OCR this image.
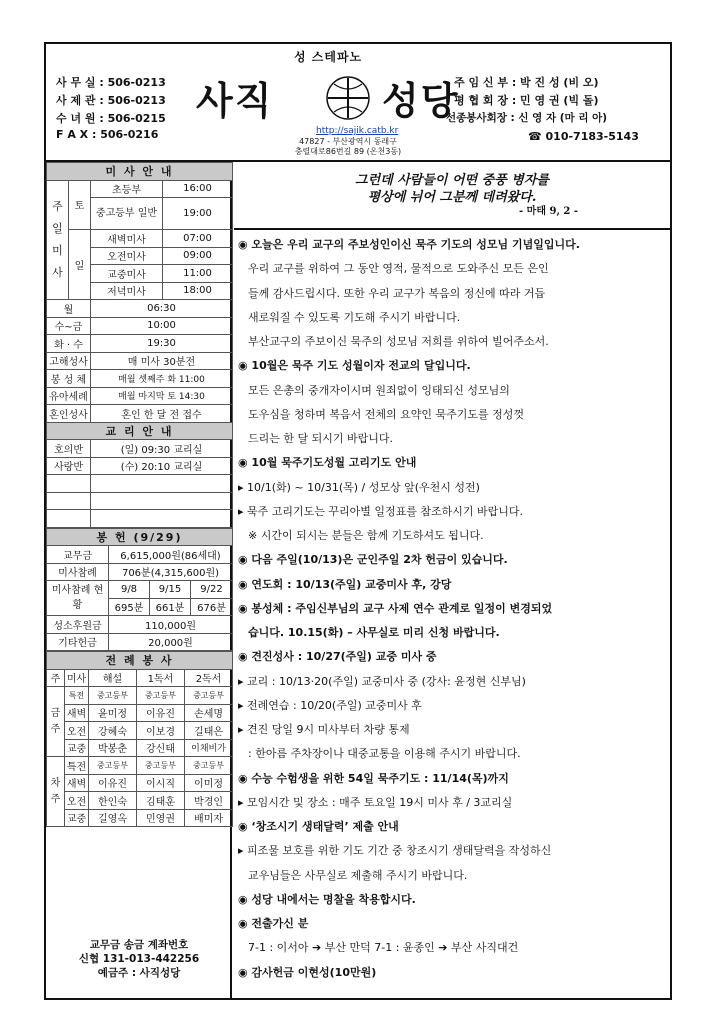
성 스테파노
사 무 실 : 506-0213
사 제 관 : 506-0213
수 녀 원 : 506-0215
F A X : 506-0216
사직	성당
http://sajik.catb.kr
47827 - 부산광역시 동래구
충렬대로86번길 89 (온천3동)
주 임 신 부 : 박 진 성 (비 오)
평 협 회 장 : 민 영 권 (빅 돌)
선종봉사회장 : 신 영 자 (마 리 아)
☎ 010-7183-5143
미 사 안 내			
주일미사	토	초등부	16:00
		중고등부 일반	19:00
	일	새벽미사	07:00
		오전미사	09:00
		교중미사	11:00
		저녁미사	18:00
월		06:30	
수~금		10:00	
화 · 수		19:30	
고해성사		매 미사 30분전	
봉 성 체		매월 셋째주 화 11:00	
유아세례		매월 마지막 토 14:30	
혼인성사		혼인 한 달 전 접수	
교 리 안 내			
호의반		(일) 09:30 교리실	
사랑반		(수) 20:10 교리실	

봉 헌 (9/29)			
교무금	6,615,000원(86세대)		
미사참례	706분(4,315,600원)		
미사참례 현황	9/8	9/15	9/22
	695분	661분	676분
성소후원금	110,000원		
기타헌금	20,000원		
전 례 봉 사				
주	미사	해설	1독서	2독서
금주	특전	중고등부	중고등부	중고등부
	새벽	윤미정	이유진	손세명
	오전	강혜숙	이보경	길태은
	교중	박봉춘	강신태	이채비가
차주	특전	중고등부	중고등부	중고등부
	새벽	이유진	이시직	이미정
	오전	한인숙	김태훈	박경인
	교중	길영옥	민영권	배미자
교무금 송금 계좌번호
신협 131-013-442256
예금주 : 사직성당
그런데 사람들이 어떤 중풍 병자를
평상에 뉘어 그분께 데려왔다.
- 마태 9, 2 -
◉ 오늘은 우리 교구의 주보성인이신 묵주 기도의 성모님 기념일입니다.
우리 교구를 위하여 그 동안 영적, 물적으로 도와주신 모든 은인
들께 감사드립시다. 또한 우리 교구가 복음의 정신에 따라 거듭
새로워질 수 있도록 기도해 주시기 바랍니다.
부산교구의 주보이신 묵주의 성모님 저희를 위하여 빌어주소서.
◉ 10월은 묵주 기도 성월이자 전교의 달입니다.
모든 은총의 중개자이시며 원죄없이 잉태되신 성모님의
도우심을 청하며 복음서 전체의 요약인 묵주기도를 정성껏
드리는 한 달 되시기 바랍니다.
◉ 10월 묵주기도성월 고리기도 안내
▸ 10/1(화) ~ 10/31(목) / 성모상 앞(우천시 성전)
▸ 묵주 고리기도는 꾸리아별 일정표를 참조하시기 바랍니다.
※ 시간이 되시는 분들은 함께 기도하셔도 됩니다.
◉ 다음 주일(10/13)은 군인주일 2차 헌금이 있습니다.
◉ 연도회 : 10/13(주일) 교중미사 후, 강당
◉ 봉성체 : 주임신부님의 교구 사제 연수 관계로 일정이 변경되었
습니다. 10.15(화) – 사무실로 미리 신청 바랍니다.
◉ 견진성사 : 10/27(주일) 교중 미사 중
▸ 교리 : 10/13·20(주일) 교중미사 중 (강사: 윤정현 신부님)
▸ 전례연습 : 10/20(주일) 교중미사 후
▸ 견진 당일 9시 미사부터 차량 통제
: 한아름 주차장이나 대중교통을 이용해 주시기 바랍니다.
◉ 수능 수험생을 위한 54일 묵주기도 : 11/14(목)까지
▸ 모임시간 및 장소 : 매주 토요일 19시 미사 후 / 3교리실
◉ ‘창조시기 생태달력’ 제출 안내
▸ 피조물 보호를 위한 기도 기간 중 창조시기 생태달력을 작성하신
교우님들은 사무실로 제출해 주시기 바랍니다.
◉ 성당 내에서는 명찰을 착용합시다.
◉ 전출가신 분
7-1 : 이서아 ➔ 부산 만덕 7-1 : 윤종인 ➔ 부산 사직대건
◉ 감사헌금 이현성(10만원)
